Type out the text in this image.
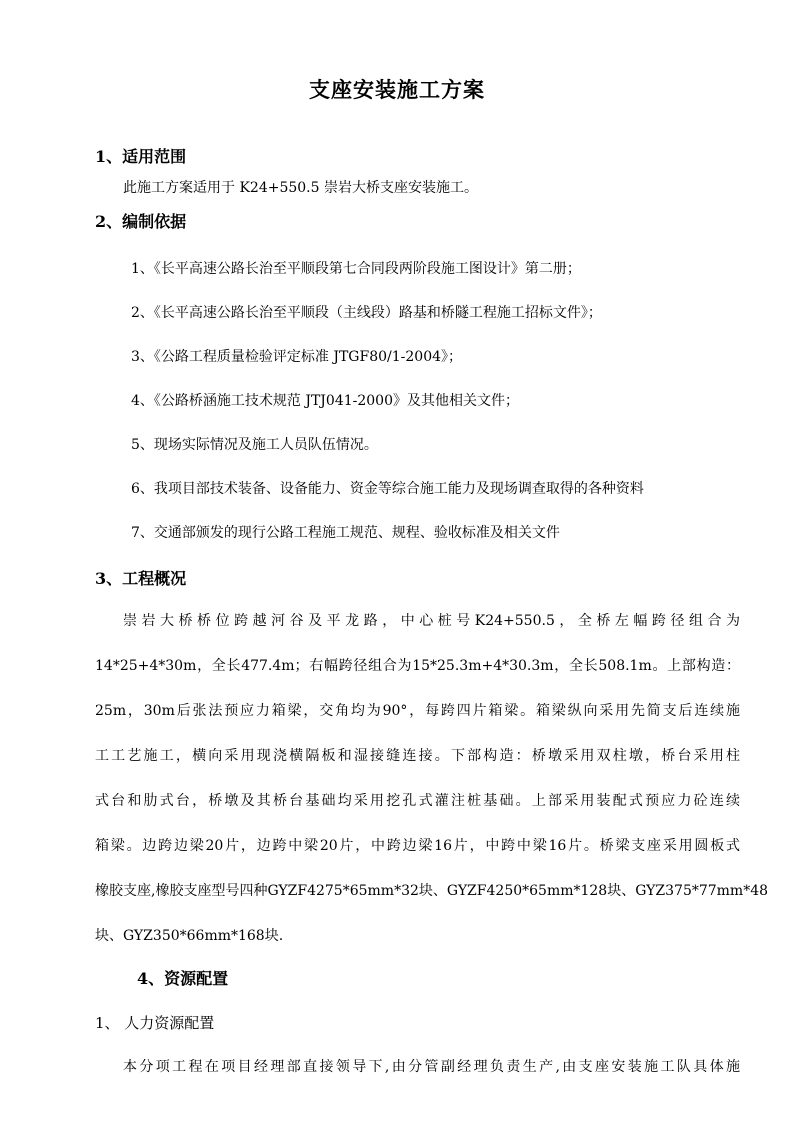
支座安装施工方案
1、适用范围
此施工方案适用于 K24+550.5 崇岩大桥支座安装施工。
2、编制依据
1、《长平高速公路长治至平顺段第七合同段两阶段施工图设计》第二册；
2、《长平高速公路长治至平顺段（主线段）路基和桥隧工程施工招标文件》；
3、《公路工程质量检验评定标准 JTGF80/1-2004》；
4、《公路桥涵施工技术规范 JTJ041-2000》及其他相关文件；
5、现场实际情况及施工人员队伍情况。
6、我项目部技术装备、设备能力、资金等综合施工能力及现场调查取得的各种资料
7、交通部颁发的现行公路工程施工规范、规程、验收标准及相关文件
3、工程概况
崇岩大桥桥位跨越河谷及平龙路，中心桩号K24+550.5，全桥左幅跨径组合为
14*25+4*30m，全长477.4m；右幅跨径组合为15*25.3m+4*30.3m，全长508.1m。上部构造：
25m，30m后张法预应力箱梁，交角均为90°，每跨四片箱梁。箱梁纵向采用先简支后连续施
工工艺施工，横向采用现浇横隔板和湿接缝连接。下部构造：桥墩采用双柱墩，桥台采用柱
式台和肋式台，桥墩及其桥台基础均采用挖孔式灌注桩基础。上部采用装配式预应力砼连续
箱梁。边跨边梁20片，边跨中梁20片，中跨边梁16片，中跨中梁16片。桥梁支座采用圆板式
橡胶支座,橡胶支座型号四种GYZF4275*65mm*32块、GYZF4250*65mm*128块、GYZ375*77mm*48
块、GYZ350*66mm*168块.
4、资源配置
1、 人力资源配置
本分项工程在项目经理部直接领导下,由分管副经理负责生产,由支座安装施工队具体施
